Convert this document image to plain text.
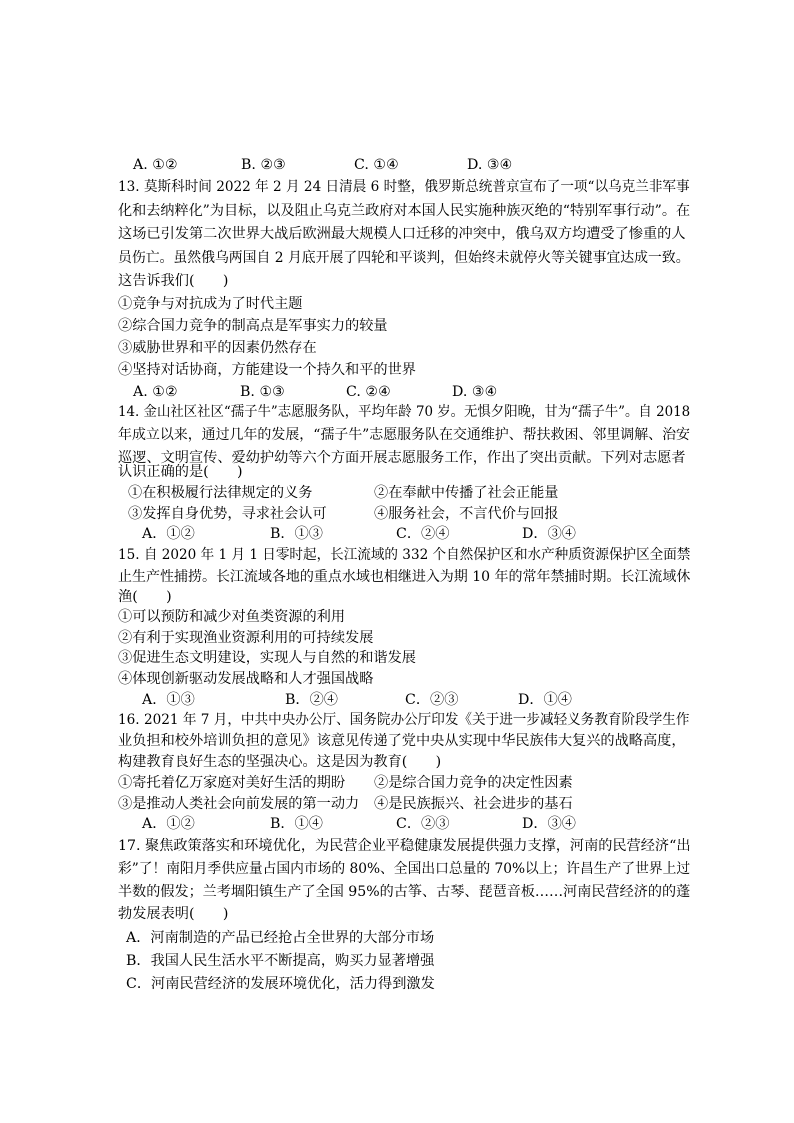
A. ①②	B. ②③	C. ①④	D. ③④
13. 莫斯科时间 2022 年 2 月 24 日清晨 6 时整，俄罗斯总统普京宣布了一项“以乌克兰非军事
化和去纳粹化”为目标，以及阻止乌克兰政府对本国人民实施种族灭绝的“特别军事行动”。在
这场已引发第二次世界大战后欧洲最大规模人口迁移的冲突中，俄乌双方均遭受了惨重的人
员伤亡。虽然俄乌两国自 2 月底开展了四轮和平谈判，但始终未就停火等关键事宜达成一致。
这告诉我们(　　)
①竞争与对抗成为了时代主题
②综合国力竞争的制高点是军事实力的较量
③威胁世界和平的因素仍然存在
④坚持对话协商，方能建设一个持久和平的世界
A. ①②	B. ①③	C. ②④	D. ③④
14. 金山社区社区“孺子牛”志愿服务队，平均年龄 70 岁。无惧夕阳晚，甘为“孺子牛”。自 2018
年成立以来，通过几年的发展，“孺子牛”志愿服务队在交通维护、帮扶救困、邻里调解、治安
巡逻、文明宣传、爱幼护幼等六个方面开展志愿服务工作，作出了突出贡献。下列对志愿者
认识正确的是(　　)
①在积极履行法律规定的义务	②在奉献中传播了社会正能量
③发挥自身优势，寻求社会认可	④服务社会，不言代价与回报
A．①②	B．①③	C．②④	D．③④
15. 自 2020 年 1 月 1 日零时起，长江流域的 332 个自然保护区和水产种质资源保护区全面禁
止生产性捕捞。长江流域各地的重点水域也相继进入为期 10 年的常年禁捕时期。长江流域休
渔(　　)
①可以预防和减少对鱼类资源的利用
②有利于实现渔业资源利用的可持续发展
③促进生态文明建设，实现人与自然的和谐发展
④体现创新驱动发展战略和人才强国战略
A．①③	B．②④	C．②③	D．①④
16. 2021 年 7 月，中共中央办公厅、国务院办公厅印发《关于进一步减轻义务教育阶段学生作
业负担和校外培训负担的意见》该意见传递了党中央从实现中华民族伟大复兴的战略高度，
构建教育良好生态的坚强决心。这是因为教育(　　)
①寄托着亿万家庭对美好生活的期盼 ②是综合国力竞争的决定性因素
③是推动人类社会向前发展的第一动力 ④是民族振兴、社会进步的基石
A．①②	B．①④	C．②③	D．③④
17. 聚焦政策落实和环境优化，为民营企业平稳健康发展提供强力支撑，河南的民营经济“出
彩”了！南阳月季供应量占国内市场的 80%、全国出口总量的 70%以上；许昌生产了世界上过
半数的假发；兰考堌阳镇生产了全国 95%的古筝、古琴、琵琶音板……河南民营经济的的蓬
勃发展表明(　　)
A．河南制造的产品已经抢占全世界的大部分市场
B．我国人民生活水平不断提高，购买力显著增强
C．河南民营经济的发展环境优化，活力得到激发
